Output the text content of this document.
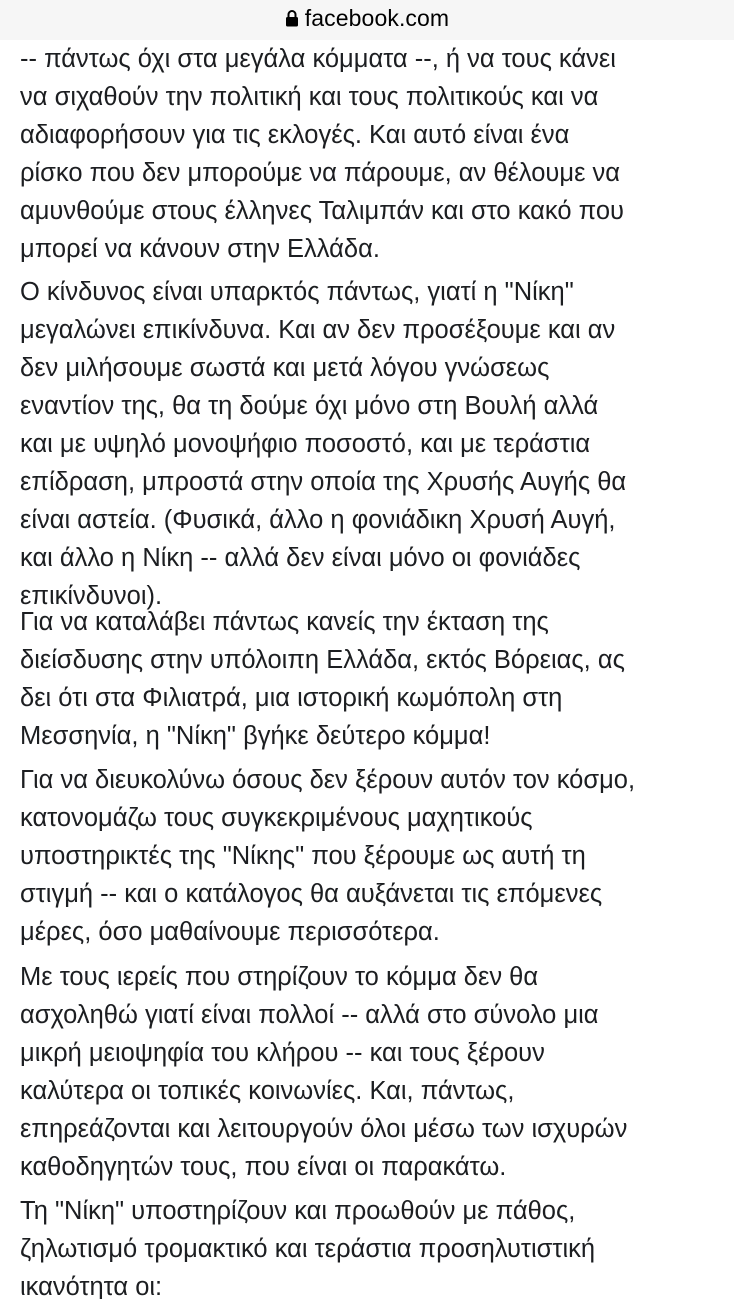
facebook.com

-- πάντως όχι στα μεγάλα κόμματα --, ή να τους κάνει
να σιχαθούν την πολιτική και τους πολιτικούς και να
αδιαφορήσουν για τις εκλογές. Και αυτό είναι ένα
ρίσκο που δεν μπορούμε να πάρουμε, αν θέλουμε να
αμυνθούμε στους έλληνες Ταλιμπάν και στο κακό που
μπορεί να κάνουν στην Ελλάδα.

Ο κίνδυνος είναι υπαρκτός πάντως, γιατί η "Νίκη"
μεγαλώνει επικίνδυνα. Και αν δεν προσέξουμε και αν
δεν μιλήσουμε σωστά και μετά λόγου γνώσεως
εναντίον της, θα τη δούμε όχι μόνο στη Βουλή αλλά
και με υψηλό μονοψήφιο ποσοστό, και με τεράστια
επίδραση, μπροστά στην οποία της Χρυσής Αυγής θα
είναι αστεία. (Φυσικά, άλλο η φονιάδικη Χρυσή Αυγή,
και άλλο η Νίκη -- αλλά δεν είναι μόνο οι φονιάδες
επικίνδυνοι).

Για να καταλάβει πάντως κανείς την έκταση της
διείσδυσης στην υπόλοιπη Ελλάδα, εκτός Βόρειας, ας
δει ότι στα Φιλιατρά, μια ιστορική κωμόπολη στη
Μεσσηνία, η "Νίκη" βγήκε δεύτερο κόμμα!

Για να διευκολύνω όσους δεν ξέρουν αυτόν τον κόσμο,
κατονομάζω τους συγκεκριμένους μαχητικούς
υποστηρικτές της "Νίκης" που ξέρουμε ως αυτή τη
στιγμή -- και ο κατάλογος θα αυξάνεται τις επόμενες
μέρες, όσο μαθαίνουμε περισσότερα.

Με τους ιερείς που στηρίζουν το κόμμα δεν θα
ασχοληθώ γιατί είναι πολλοί -- αλλά στο σύνολο μια
μικρή μειοψηφία του κλήρου -- και τους ξέρουν
καλύτερα οι τοπικές κοινωνίες. Και, πάντως,
επηρεάζονται και λειτουργούν όλοι μέσω των ισχυρών
καθοδηγητών τους, που είναι οι παρακάτω.

Τη "Νίκη" υποστηρίζουν και προωθούν με πάθος,
ζηλωτισμό τρομακτικό και τεράστια προσηλυτιστική
ικανότητα οι:
